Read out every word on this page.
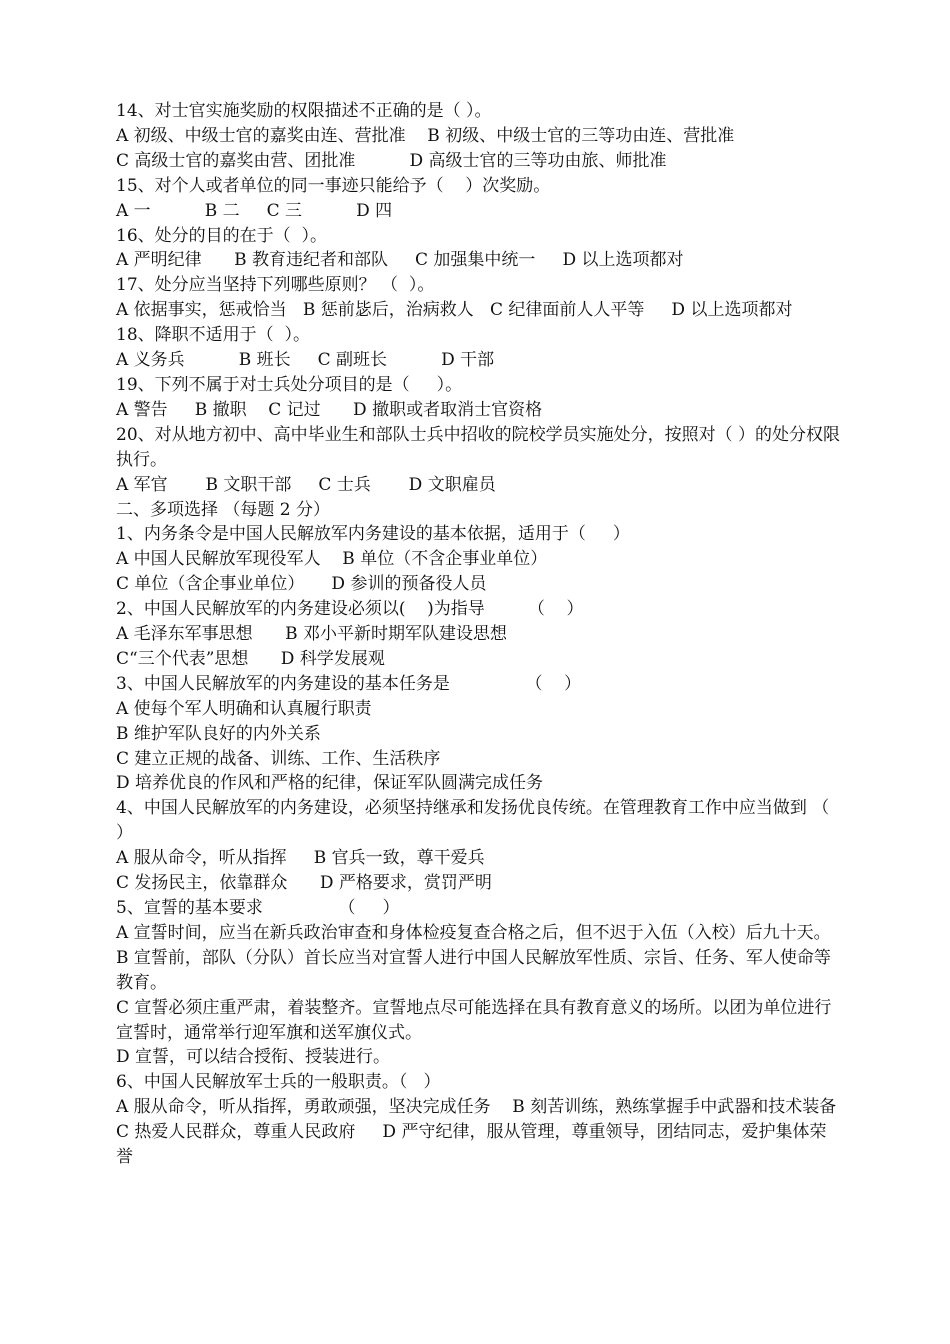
14、对士官实施奖励的权限描述不正确的是（ ）。
A 初级、中级士官的嘉奖由连、营批准    B 初级、中级士官的三等功由连、营批准
C 高级士官的嘉奖由营、团批准          D 高级士官的三等功由旅、师批准
15、对个人或者单位的同一事迹只能给予（    ）次奖励。
A 一          B 二     C 三          D 四
16、处分的目的在于（  ）。
A 严明纪律      B 教育违纪者和部队     C 加强集中统一     D 以上选项都对
17、处分应当坚持下列哪些原则？ （  ）。
A 依据事实，惩戒恰当   B 惩前毖后，治病救人   C 纪律面前人人平等     D 以上选项都对
18、降职不适用于（  ）。
A 义务兵          B 班长     C 副班长          D 干部
19、下列不属于对士兵处分项目的是（     ）。
A 警告     B 撤职    C 记过      D 撤职或者取消士官资格
20、对从地方初中、高中毕业生和部队士兵中招收的院校学员实施处分，按照对（ ）的处分权限执行。
A 军官       B 文职干部     C 士兵       D 文职雇员
二、多项选择 （每题 2 分）
1、内务条令是中国人民解放军内务建设的基本依据，适用于（     ）
A 中国人民解放军现役军人    B 单位（不含企事业单位）
C 单位（含企事业单位）     D 参训的预备役人员
2、中国人民解放军的内务建设必须以(    )为指导        （    ）
A 毛泽东军事思想      B 邓小平新时期军队建设思想
C“三个代表”思想      D 科学发展观
3、中国人民解放军的内务建设的基本任务是              （    ）
A 使每个军人明确和认真履行职责
B 维护军队良好的内外关系
C 建立正规的战备、训练、工作、生活秩序
D 培养优良的作风和严格的纪律，保证军队圆满完成任务
4、中国人民解放军的内务建设，必须坚持继承和发扬优良传统。在管理教育工作中应当做到 （   ）
A 服从命令，听从指挥     B 官兵一致，尊干爱兵
C 发扬民主，依靠群众      D 严格要求，赏罚严明
5、宣誓的基本要求              （     ）
A 宣誓时间，应当在新兵政治审查和身体检疫复查合格之后，但不迟于入伍（入校）后九十天。
B 宣誓前，部队（分队）首长应当对宣誓人进行中国人民解放军性质、宗旨、任务、军人使命等教育。
C 宣誓必须庄重严肃，着装整齐。宣誓地点尽可能选择在具有教育意义的场所。以团为单位进行宣誓时，通常举行迎军旗和送军旗仪式。
D 宣誓，可以结合授衔、授装进行。
6、中国人民解放军士兵的一般职责。（   ）
A 服从命令，听从指挥，勇敢顽强，坚决完成任务    B 刻苦训练，熟练掌握手中武器和技术装备
C 热爱人民群众，尊重人民政府     D 严守纪律，服从管理，尊重领导，团结同志，爱护集体荣誉
